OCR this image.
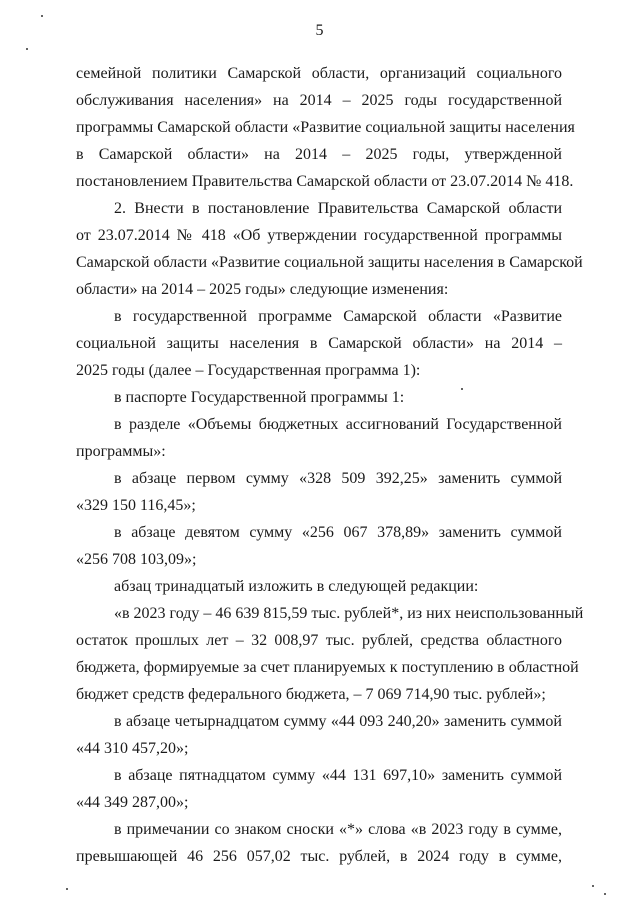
5
семейной политики Самарской области, организаций социального
обслуживания населения» на 2014 – 2025 годы государственной
программы Самарской области «Развитие социальной защиты населения
в Самарской области» на 2014 – 2025 годы, утвержденной
постановлением Правительства Самарской области от 23.07.2014 № 418.
2. Внести в постановление Правительства Самарской области
от 23.07.2014 № 418 «Об утверждении государственной программы
Самарской области «Развитие социальной защиты населения в Самарской
области» на 2014 – 2025 годы» следующие изменения:
в государственной программе Самарской области «Развитие
социальной защиты населения в Самарской области» на 2014 –
2025 годы (далее – Государственная программа 1):
в паспорте Государственной программы 1:
в разделе «Объемы бюджетных ассигнований Государственной
программы»:
в абзаце первом сумму «328 509 392,25» заменить суммой
«329 150 116,45»;
в абзаце девятом сумму «256 067 378,89» заменить суммой
«256 708 103,09»;
абзац тринадцатый изложить в следующей редакции:
«в 2023 году – 46 639 815,59 тыс. рублей*, из них неиспользованный
остаток прошлых лет – 32 008,97 тыс. рублей, средства областного
бюджета, формируемые за счет планируемых к поступлению в областной
бюджет средств федерального бюджета, – 7 069 714,90 тыс. рублей»;
в абзаце четырнадцатом сумму «44 093 240,20» заменить суммой
«44 310 457,20»;
в абзаце пятнадцатом сумму «44 131 697,10» заменить суммой
«44 349 287,00»;
в примечании со знаком сноски «*» слова «в 2023 году в сумме,
превышающей 46 256 057,02 тыс. рублей, в 2024 году в сумме,
